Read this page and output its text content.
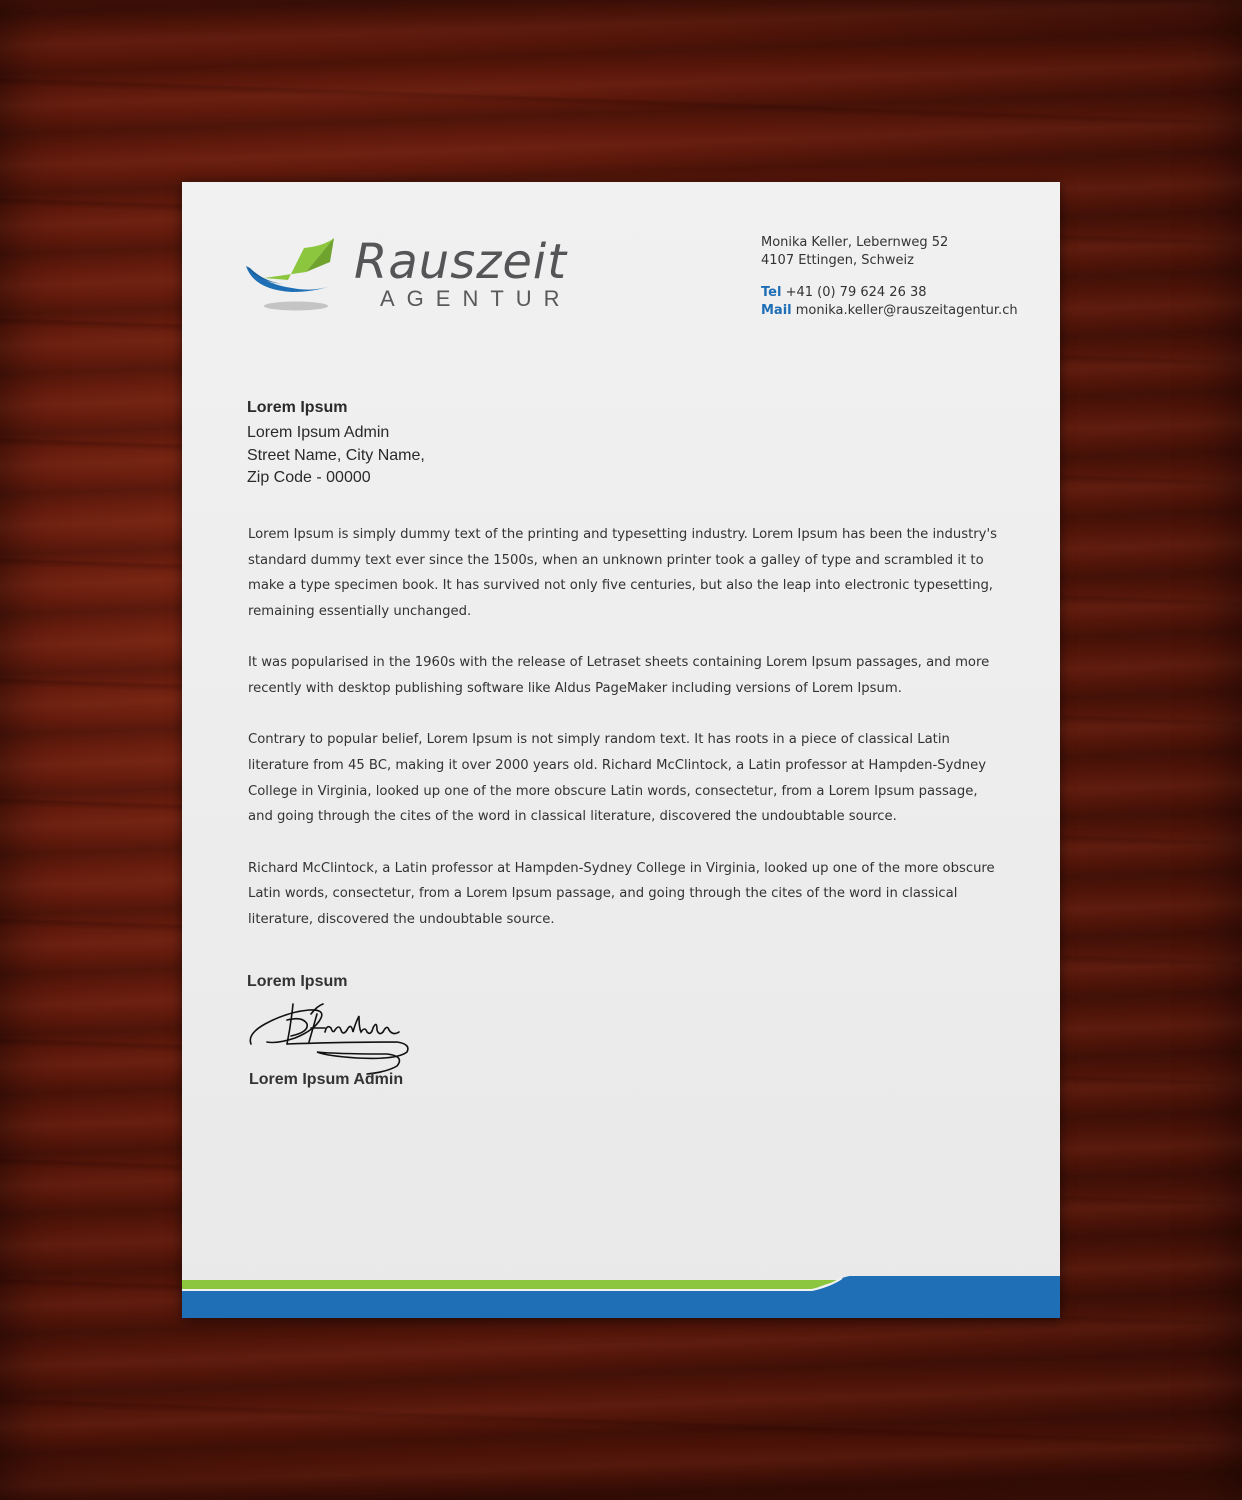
Rauszeit
AGENTUR
Monika Keller, Lebernweg 52
4107 Ettingen, Schweiz
Tel +41 (0) 79 624 26 38
Mail monika.keller@rauszeitagentur.ch
Lorem Ipsum
Lorem Ipsum Admin
Street Name, City Name,
Zip Code - 00000

Lorem Ipsum is simply dummy text of the printing and typesetting industry. Lorem Ipsum has been the industry's standard dummy text ever since the 1500s, when an unknown printer took a galley of type and scrambled it to make a type specimen book. It has survived not only five centuries, but also the leap into electronic typesetting, remaining essentially unchanged.

It was popularised in the 1960s with the release of Letraset sheets containing Lorem Ipsum passages, and more recently with desktop publishing software like Aldus PageMaker including versions of Lorem Ipsum.

Contrary to popular belief, Lorem Ipsum is not simply random text. It has roots in a piece of classical Latin literature from 45 BC, making it over 2000 years old. Richard McClintock, a Latin professor at Hampden-Sydney College in Virginia, looked up one of the more obscure Latin words, consectetur, from a Lorem Ipsum passage, and going through the cites of the word in classical literature, discovered the undoubtable source.

Richard McClintock, a Latin professor at Hampden-Sydney College in Virginia, looked up one of the more obscure Latin words, consectetur, from a Lorem Ipsum passage, and going through the cites of the word in classical literature, discovered the undoubtable source.

Lorem Ipsum
Lorem Ipsum Admin
